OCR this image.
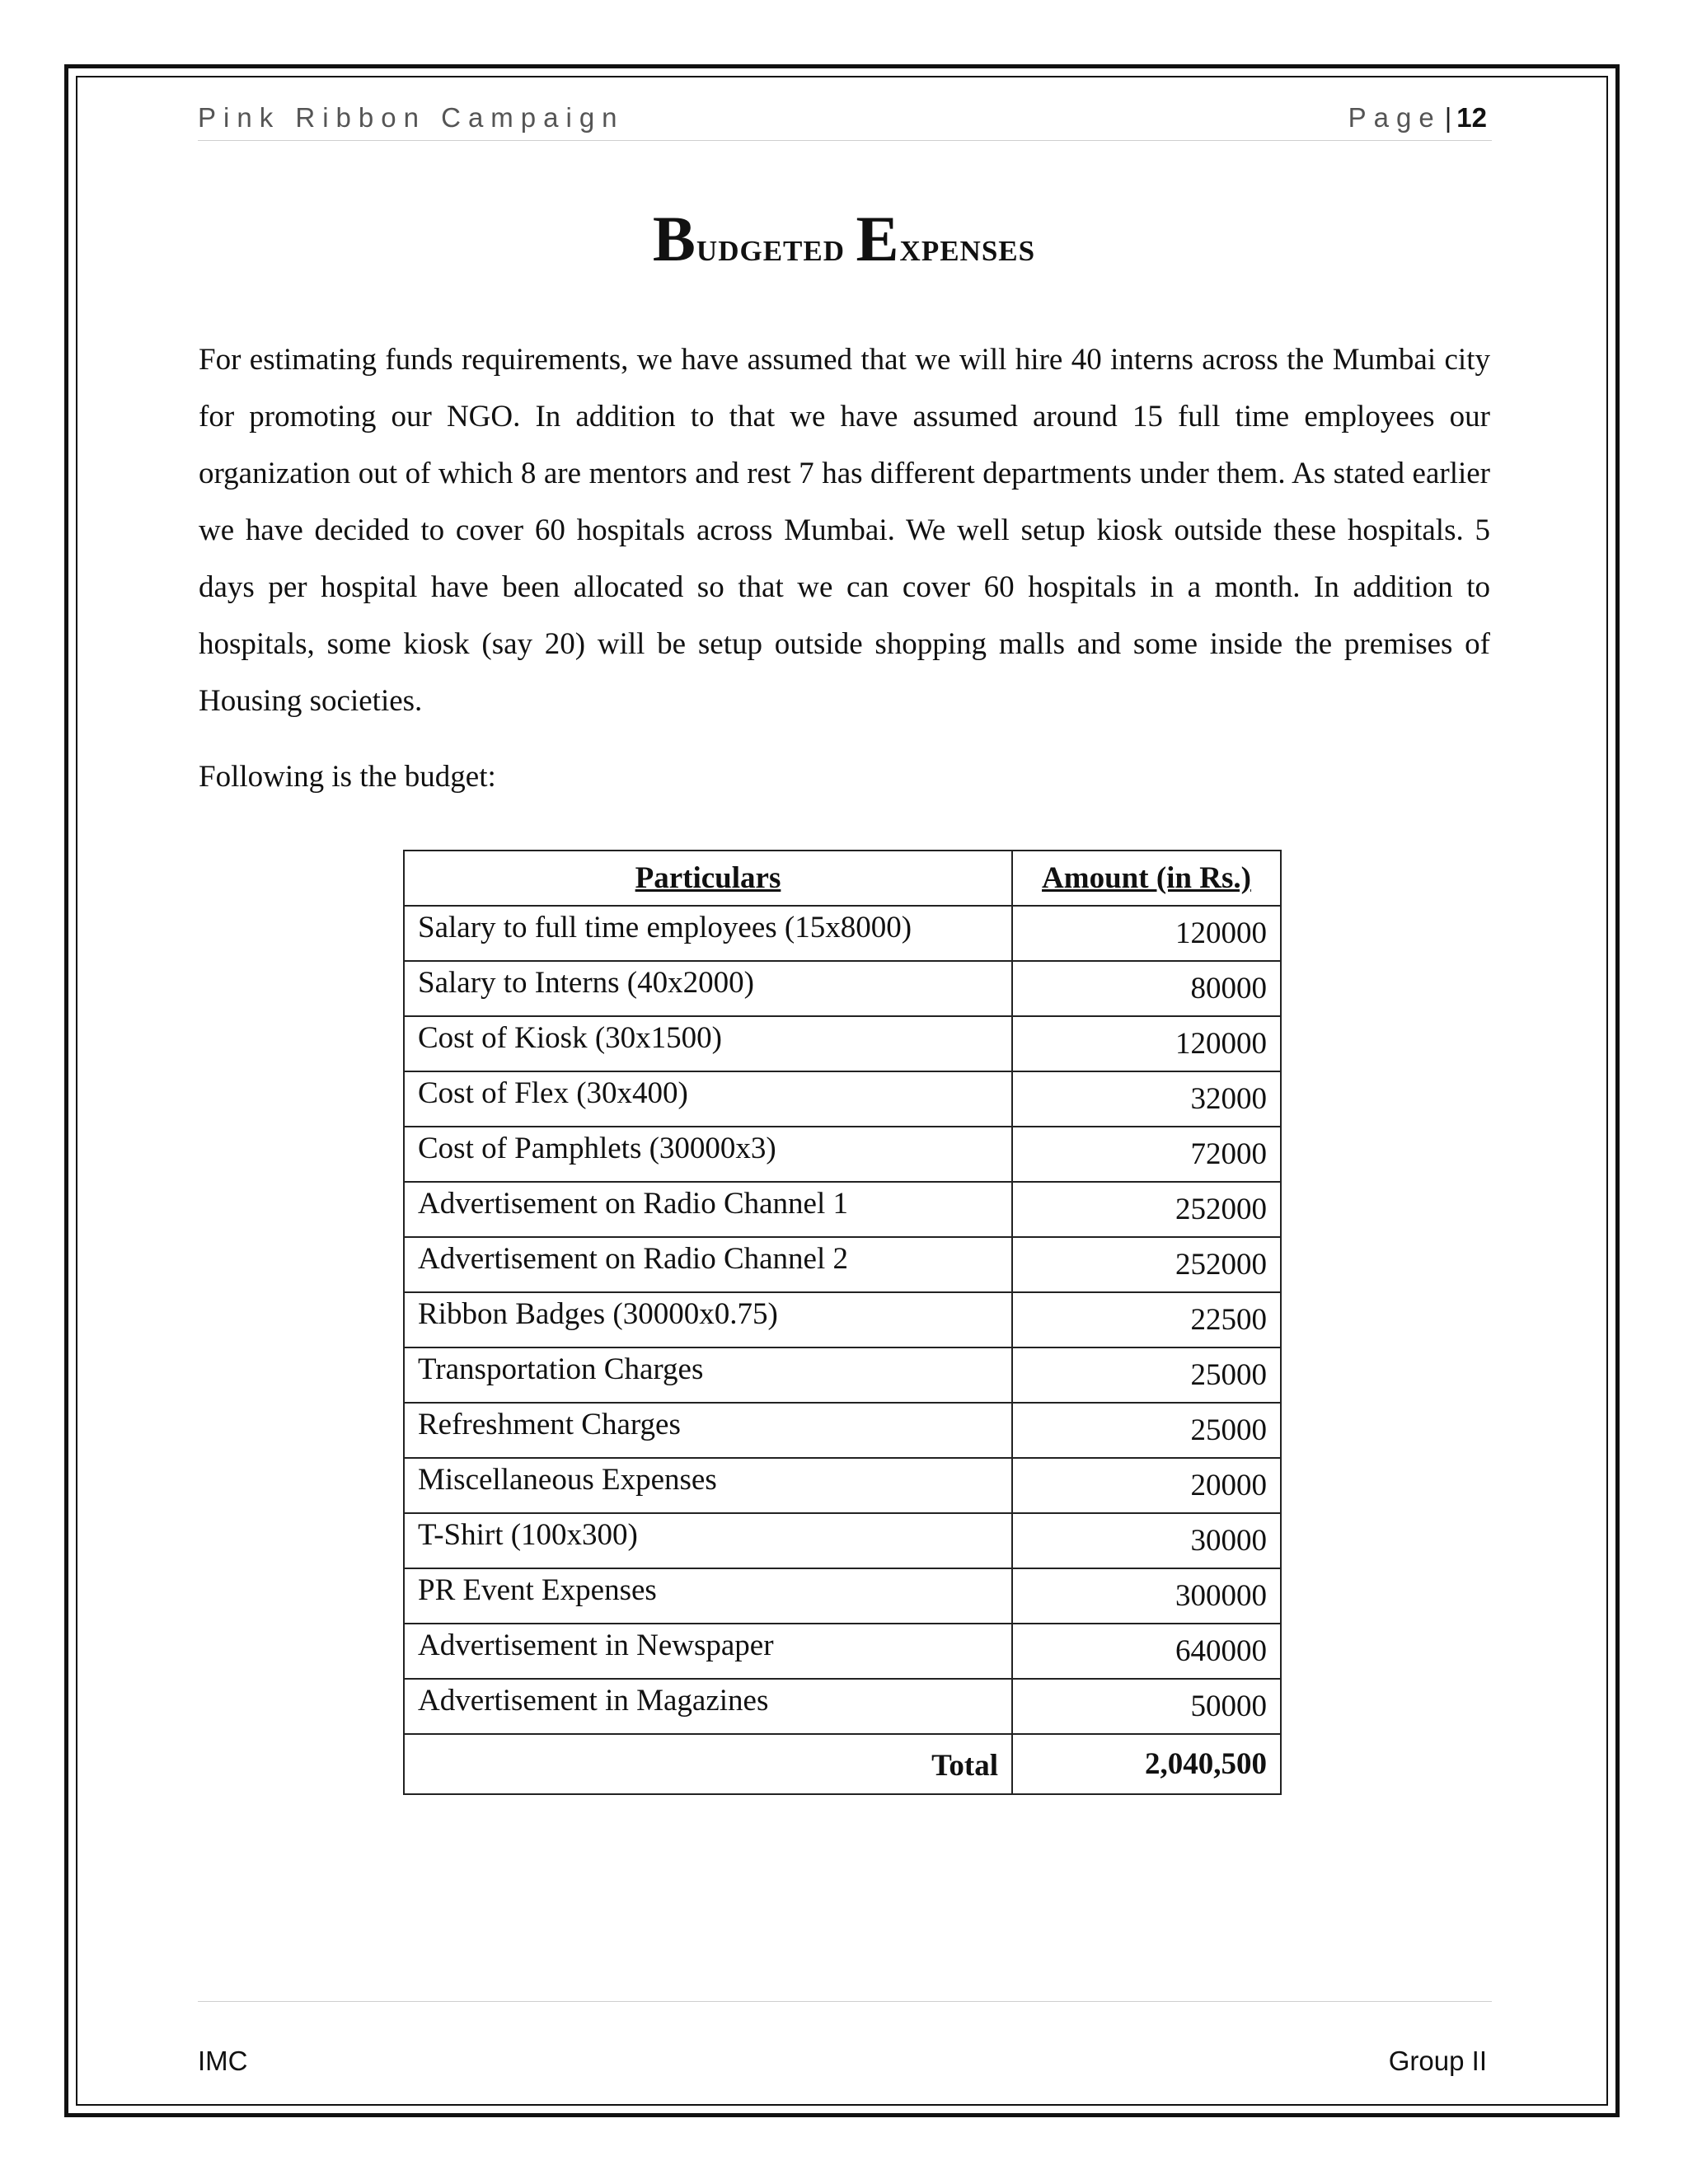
Pink Ribbon Campaign	Page | 12
Budgeted Expenses

For estimating funds requirements, we have assumed that we will hire 40 interns across the Mumbai city for promoting our NGO. In addition to that we have assumed around 15 full time employees our organization out of which 8 are mentors and rest 7 has different departments under them. As stated earlier we have decided to cover 60 hospitals across Mumbai. We well setup kiosk outside these hospitals. 5 days per hospital have been allocated so that we can cover 60 hospitals in a month. In addition to hospitals, some kiosk (say 20) will be setup outside shopping malls and some inside the premises of Housing societies.

Following is the budget:
Particulars	Amount (in Rs.)
Salary to full time employees (15x8000)	120000
Salary to Interns (40x2000)	80000
Cost of Kiosk (30x1500)	120000
Cost of Flex (30x400)	32000
Cost of Pamphlets (30000x3)	72000
Advertisement on Radio Channel 1	252000
Advertisement on Radio Channel 2	252000
Ribbon Badges (30000x0.75)	22500
Transportation Charges	25000
Refreshment Charges	25000
Miscellaneous Expenses	20000
T-Shirt (100x300)	30000
PR Event Expenses	300000
Advertisement in Newspaper	640000
Advertisement in Magazines	50000
Total	2,040,500
IMC	Group II
